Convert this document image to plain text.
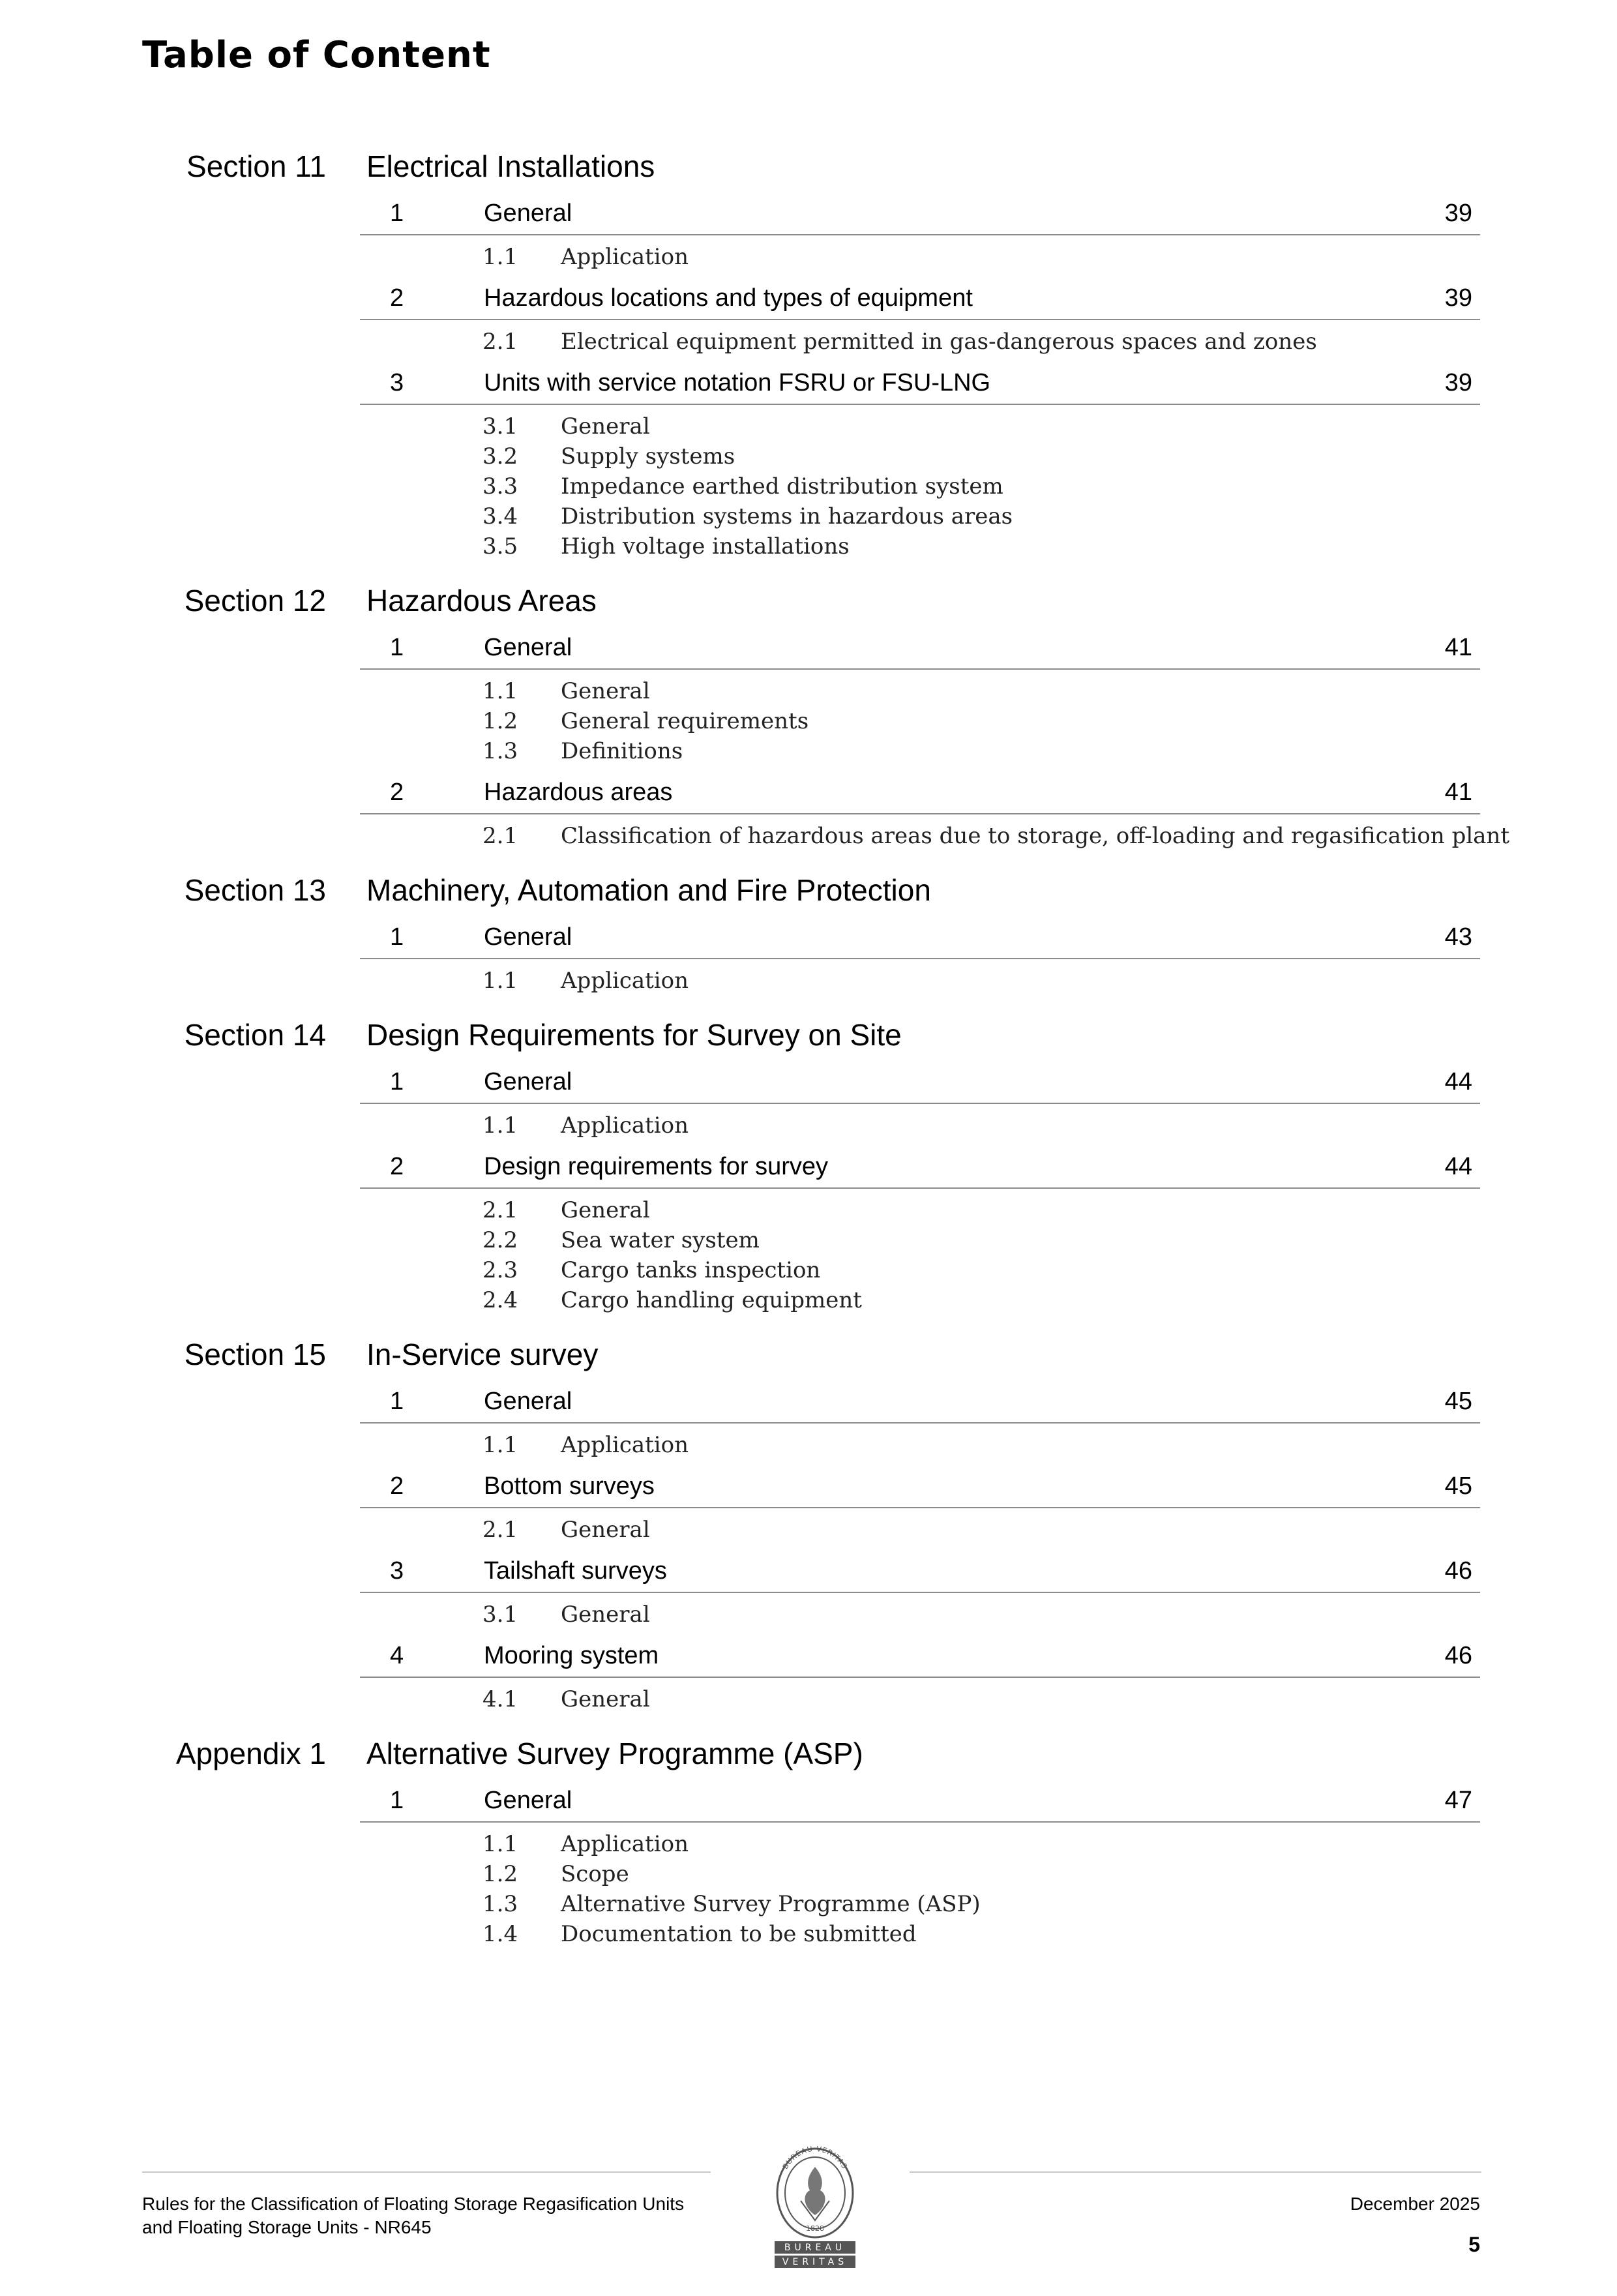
Table of Content
Section 11 Electrical Installations
1	General	39
1.1 Application
2	Hazardous locations and types of equipment	39
2.1 Electrical equipment permitted in gas-dangerous spaces and zones
3	Units with service notation FSRU or FSU-LNG	39
3.1 General
3.2 Supply systems
3.3 Impedance earthed distribution system
3.4 Distribution systems in hazardous areas
3.5 High voltage installations
Section 12 Hazardous Areas
1	General	41
1.1 General
1.2 General requirements
1.3 Definitions
2	Hazardous areas	41
2.1 Classification of hazardous areas due to storage, off-loading and regasification plant
Section 13 Machinery, Automation and Fire Protection
1	General	43
1.1 Application
Section 14 Design Requirements for Survey on Site
1	General	44
1.1 Application
2	Design requirements for survey	44
2.1 General
2.2 Sea water system
2.3 Cargo tanks inspection
2.4 Cargo handling equipment
Section 15 In-Service survey
1	General	45
1.1 Application
2	Bottom surveys	45
2.1 General
3	Tailshaft surveys	46
3.1 General
4	Mooring system	46
4.1 General
Appendix 1 Alternative Survey Programme (ASP)
1	General	47
1.1 Application
1.2 Scope
1.3 Alternative Survey Programme (ASP)
1.4 Documentation to be submitted
Rules for the Classification of Floating Storage Regasification Units
and Floating Storage Units - NR645
December 2025
5
BUREAU VERITAS
1828
BUREAU
VERITAS
